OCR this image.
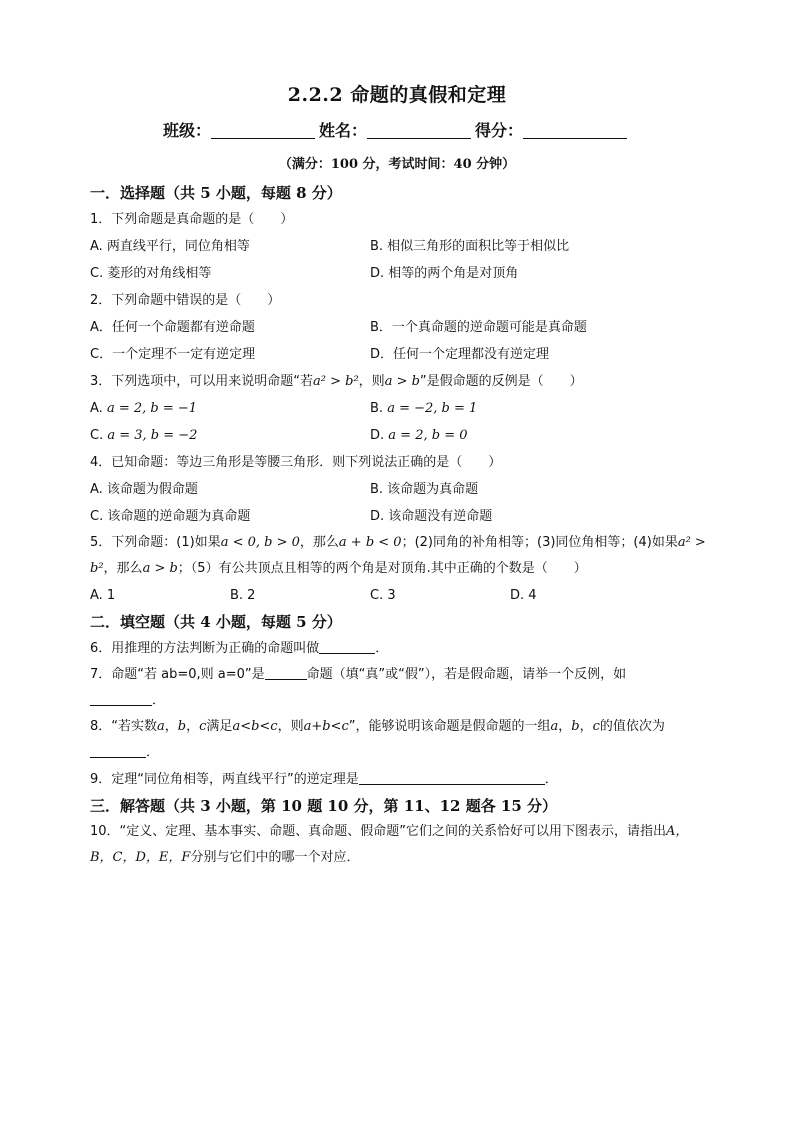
2.2.2 命题的真假和定理
班级：	姓名：	得分：
（满分：100 分，考试时间：40 分钟）
一．选择题（共 5 小题，每题 8 分）
1．下列命题是真命题的是（　　）
A. 两直线平行，同位角相等	B. 相似三角形的面积比等于相似比
C. 菱形的对角线相等	D. 相等的两个角是对顶角
2．下列命题中错误的是（　　）
A．任何一个命题都有逆命题	B．一个真命题的逆命题可能是真命题
C．一个定理不一定有逆定理	D．任何一个定理都没有逆定理
3．下列选项中，可以用来说明命题“若a² > b²，则a > b”是假命题的反例是（　　）
A. a = 2, b = −1	B. a = −2, b = 1
C. a = 3, b = −2	D. a = 2, b = 0
4．已知命题：等边三角形是等腰三角形．则下列说法正确的是（　　）
A. 该命题为假命题	B. 该命题为真命题
C. 该命题的逆命题为真命题	D. 该命题没有逆命题
5．下列命题：(1)如果a < 0, b > 0，那么a + b < 0；(2)同角的补角相等；(3)同位角相等；(4)如果a² > b²，那么a > b；（5）有公共顶点且相等的两个角是对顶角.其中正确的个数是（　　）
A. 1	B. 2	C. 3	D. 4
二．填空题（共 4 小题，每题 5 分）
6．用推理的方法判断为正确的命题叫做	．
7．命题“若 ab=0,则 a=0”是	命题（填“真”或“假”），若是假命题，请举一个反例，如
．
8．“若实数a，b，c满足a<b<c，则a+b<c”，能够说明该命题是假命题的一组a，b，c的值依次为
．
9．定理“同位角相等，两直线平行”的逆定理是	．
三．解答题（共 3 小题，第 10 题 10 分，第 11、12 题各 15 分）
10．“定义、定理、基本事实、命题、真命题、假命题”它们之间的关系恰好可以用下图表示，请指出A，B，C，D，E，F分别与它们中的哪一个对应．
